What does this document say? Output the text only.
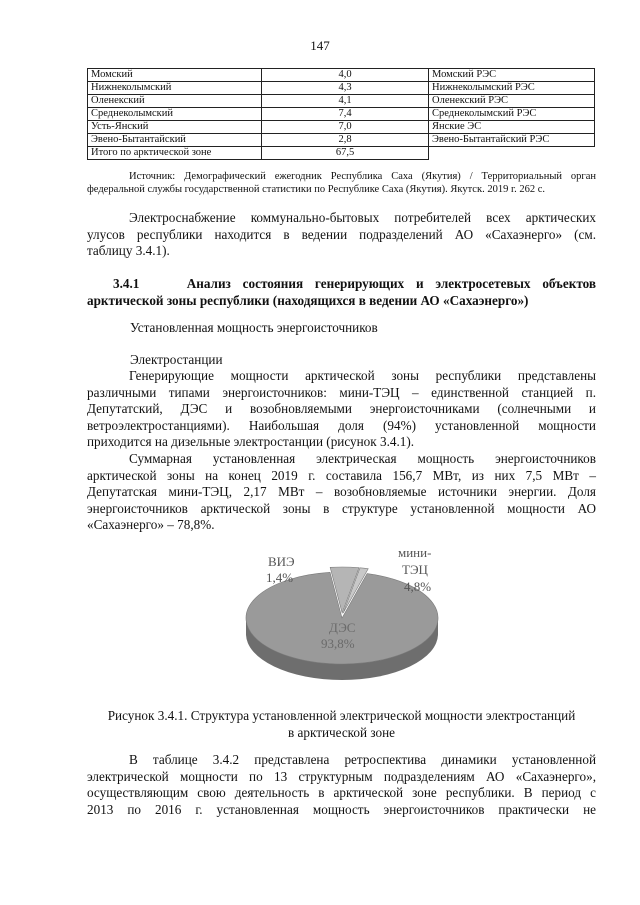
147
Момский	4,0	Момский РЭС
Нижнеколымский	4,3	Нижнеколымский РЭС
Оленекский	4,1	Оленекский РЭС
Среднеколымский	7,4	Среднеколымский РЭС
Усть-Янский	7,0	Янские ЭС
Эвено-Бытантайский	2,8	Эвено-Бытантайский РЭС
Итого по арктической зоне	67,5	
Источник: Демографический ежегодник Республика Саха (Якутия) / Территориальный орган
федеральной службы государственной статистики по Республике Саха (Якутия). Якутск. 2019 г. 262 с.
Электроснабжение коммунально-бытовых потребителей всех арктических
улусов республики находится в ведении подразделений АО «Сахаэнерго» (см.
таблицу 3.4.1).
3.4.1	Анализ состояния генерирующих и электросетевых объектов
арктической зоны республики (находящихся в ведении АО «Сахаэнерго»)
Установленная мощность энергоисточников
Электростанции
Генерирующие мощности арктической зоны республики представлены
различными типами энергоисточников: мини-ТЭЦ – единственной станцией п.
Депутатский, ДЭС и возобновляемыми энергоисточниками (солнечными и
ветроэлектростанциями). Наибольшая доля (94%) установленной мощности
приходится на дизельные электростанции (рисунок 3.4.1).
Суммарная установленная электрическая мощность энергоисточников
арктической зоны на конец 2019 г. составила 156,7 МВт, из них 7,5 МВт –
Депутатская мини-ТЭЦ, 2,17 МВт – возобновляемые источники энергии. Доля
энергоисточников арктической зоны в структуре установленной мощности АО
«Сахаэнерго» – 78,8%.
ВИЭ
1,4%
мини-
ТЭЦ
4,8%
ДЭС
93,8%
Рисунок 3.4.1. Структура установленной электрической мощности электростанций
в арктической зоне
В таблице 3.4.2 представлена ретроспектива динамики установленной
электрической мощности по 13 структурным подразделениям АО «Сахаэнерго»,
осуществляющим свою деятельность в арктической зоне республики. В период с
2013 по 2016 г. установленная мощность энергоисточников практически не
